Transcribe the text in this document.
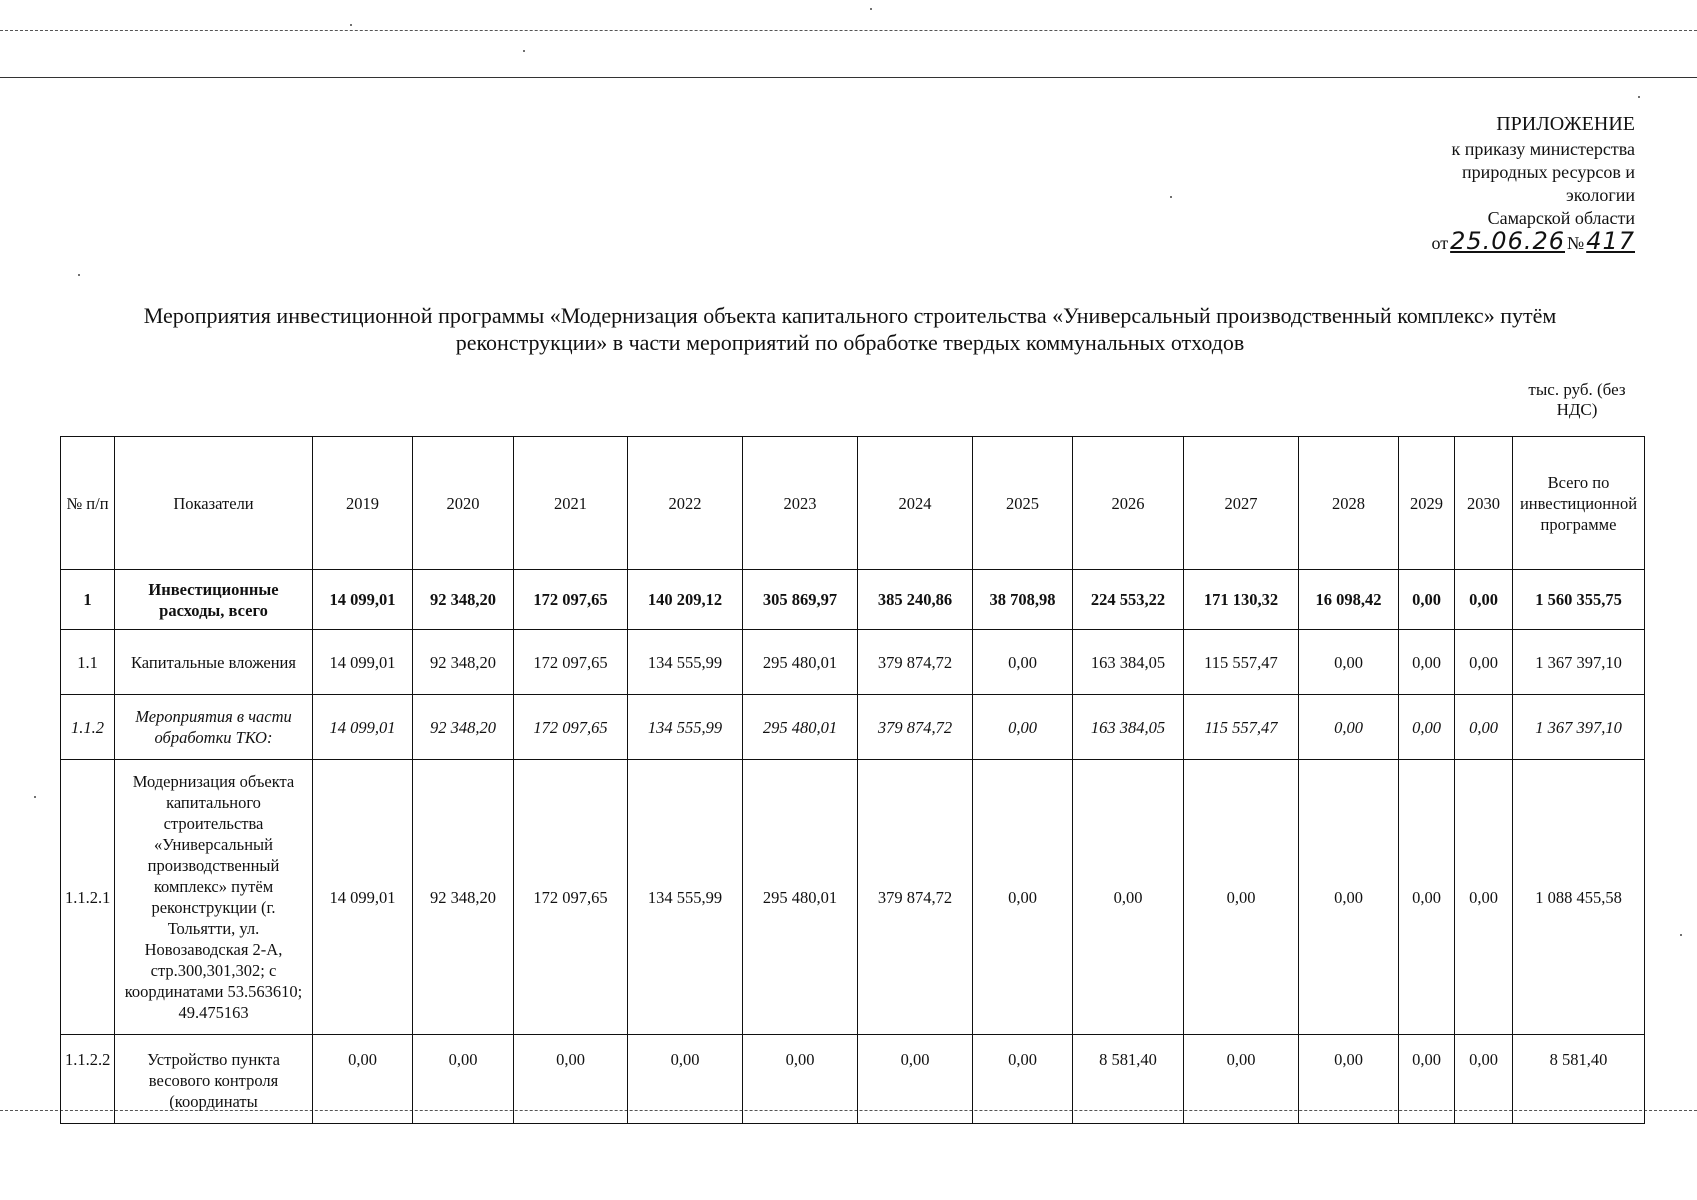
ПРИЛОЖЕНИЕ
к приказу министерства
природных ресурсов и
экологии
Самарской области
от 25.06.26 № 417
Мероприятия инвестиционной программы «Модернизация объекта капитального строительства «Универсальный производственный комплекс» путём
реконструкции» в части мероприятий по обработке твердых коммунальных отходов
тыс. руб. (без
НДС)
№ п/п	Показатели	2019	2020	2021	2022	2023	2024	2025	2026	2027	2028	2029	2030	Всего по инвестиционной программе
1	Инвестиционные расходы, всего	14 099,01	92 348,20	172 097,65	140 209,12	305 869,97	385 240,86	38 708,98	224 553,22	171 130,32	16 098,42	0,00	0,00	1 560 355,75
1.1	Капитальные вложения	14 099,01	92 348,20	172 097,65	134 555,99	295 480,01	379 874,72	0,00	163 384,05	115 557,47	0,00	0,00	0,00	1 367 397,10
1.1.2	Мероприятия в части обработки ТКО:	14 099,01	92 348,20	172 097,65	134 555,99	295 480,01	379 874,72	0,00	163 384,05	115 557,47	0,00	0,00	0,00	1 367 397,10
1.1.2.1	Модернизация объекта капитального строительства «Универсальный производственный комплекс» путём реконструкции (г. Тольятти, ул. Новозаводская 2-А, стр.300,301,302; с координатами 53.563610; 49.475163	14 099,01	92 348,20	172 097,65	134 555,99	295 480,01	379 874,72	0,00	0,00	0,00	0,00	0,00	0,00	1 088 455,58
1.1.2.2	Устройство пункта весового контроля (координаты	0,00	0,00	0,00	0,00	0,00	0,00	0,00	8 581,40	0,00	0,00	0,00	0,00	8 581,40
